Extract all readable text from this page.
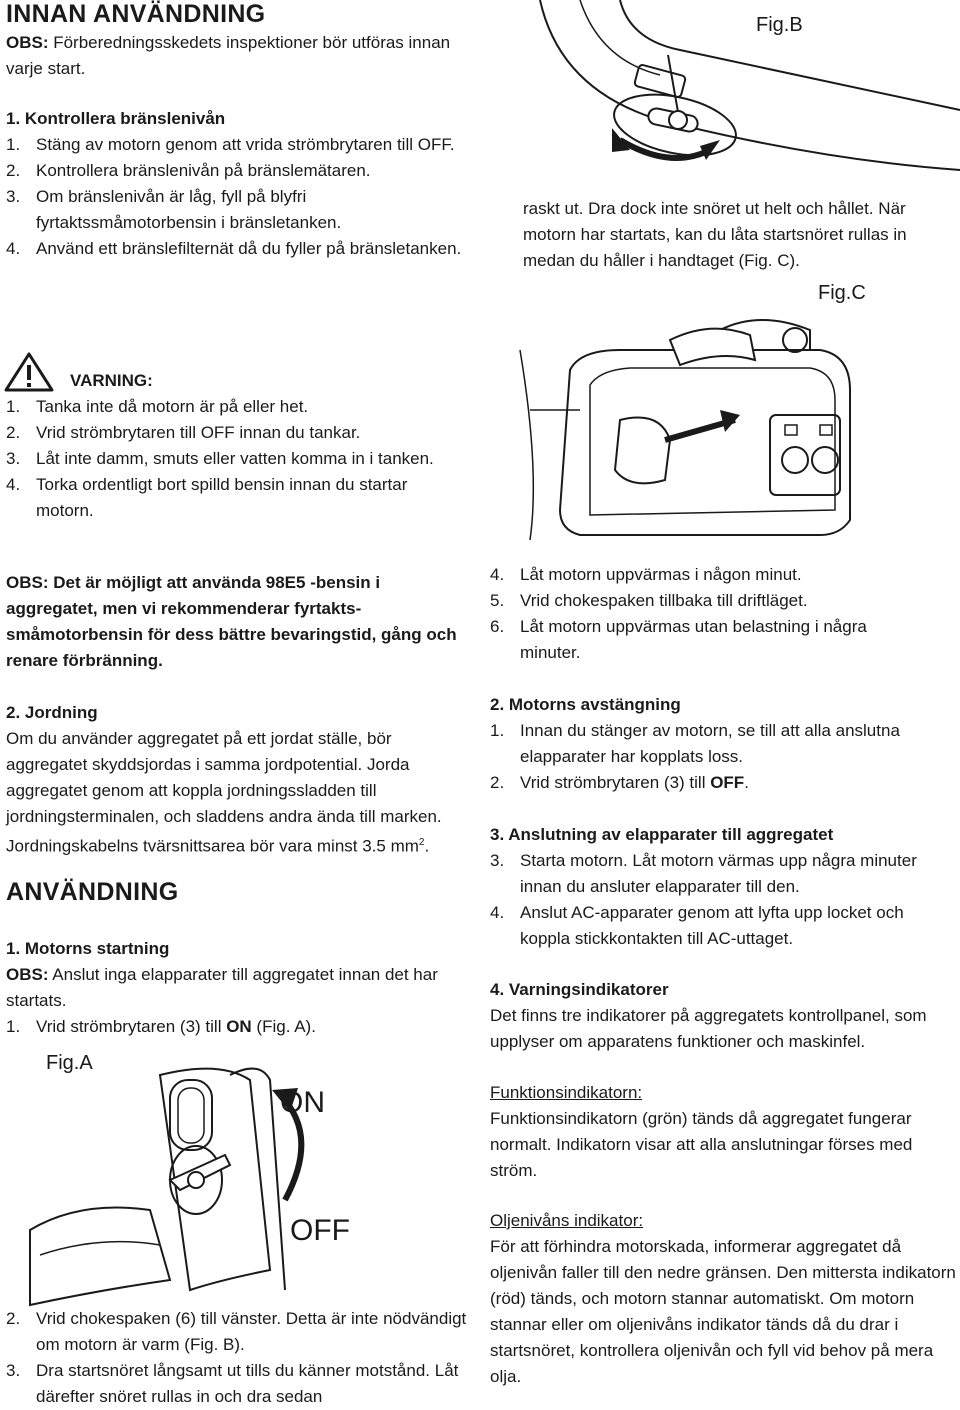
INNAN ANVÄNDNING
OBS: Förberedningsskedets inspektioner bör utföras innan varje start.
1. Kontrollera bränslenivån
1. Stäng av motorn genom att vrida strömbrytaren till OFF.
2. Kontrollera bränslenivån på bränslemätaren.
3. Om bränslenivån är låg, fyll på blyfri fyrtaktssmåmotorbensin i bränsletanken.
4. Använd ett bränslefilternät då du fyller på bränsletanken.
VARNING:
1. Tanka inte då motorn är på eller het.
2. Vrid strömbrytaren till OFF innan du tankar.
3. Låt inte damm, smuts eller vatten komma in i tanken.
4. Torka ordentligt bort spilld bensin innan du startar motorn.
OBS: Det är möjligt att använda 98E5 -bensin i aggregatet, men vi rekommenderar fyrtakts-småmotorbensin för dess bättre bevaringstid, gång och renare förbränning.
2. Jordning
Om du använder aggregatet på ett jordat ställe, bör aggregatet skyddsjordas i samma jordpotential. Jorda aggregatet genom att koppla jordningssladden till jordningsterminalen, och sladdens andra ända till marken. Jordningskabelns tvärsnittsarea bör vara minst 3.5 $mm^2$.
ANVÄNDNING
1. Motorns startning
OBS: Anslut inga elapparater till aggregatet innan det har startats.
1. Vrid strömbrytaren (3) till ON (Fig. A).
Fig.A
ON
OFF
2. Vrid chokespaken (6) till vänster. Detta är inte nödvändigt om motorn är varm (Fig. B).
3. Dra startsnöret långsamt ut tills du känner motstånd. Låt därefter snöret rullas in och dra sedan
Fig.B
raskt ut. Dra dock inte snöret ut helt och hållet. När motorn har startats, kan du låta startsnöret rullas in medan du håller i handtaget (Fig. C).
Fig.C
4. Låt motorn uppvärmas i någon minut.
5. Vrid chokespaken tillbaka till driftläget.
6. Låt motorn uppvärmas utan belastning i några minuter.
2. Motorns avstängning
1. Innan du stänger av motorn, se till att alla anslutna elapparater har kopplats loss.
2. Vrid strömbrytaren (3) till OFF.
3. Anslutning av elapparater till aggregatet
3. Starta motorn. Låt motorn värmas upp några minuter innan du ansluter elapparater till den.
4. Anslut AC-apparater genom att lyfta upp locket och koppla stickkontakten till AC-uttaget.
4. Varningsindikatorer
Det finns tre indikatorer på aggregatets kontrollpanel, som upplyser om apparatens funktioner och maskinfel.
Funktionsindikatorn:
Funktionsindikatorn (grön) tänds då aggregatet fungerar normalt. Indikatorn visar att alla anslutningar förses med ström.
Oljenivåns indikator:
För att förhindra motorskada, informerar aggregatet då oljenivån faller till den nedre gränsen. Den mittersta indikatorn (röd) tänds, och motorn stannar automatiskt. Om motorn stannar eller om oljenivåns indikator tänds då du drar i startsnöret, kontrollera oljenivån och fyll vid behov på mera olja.
